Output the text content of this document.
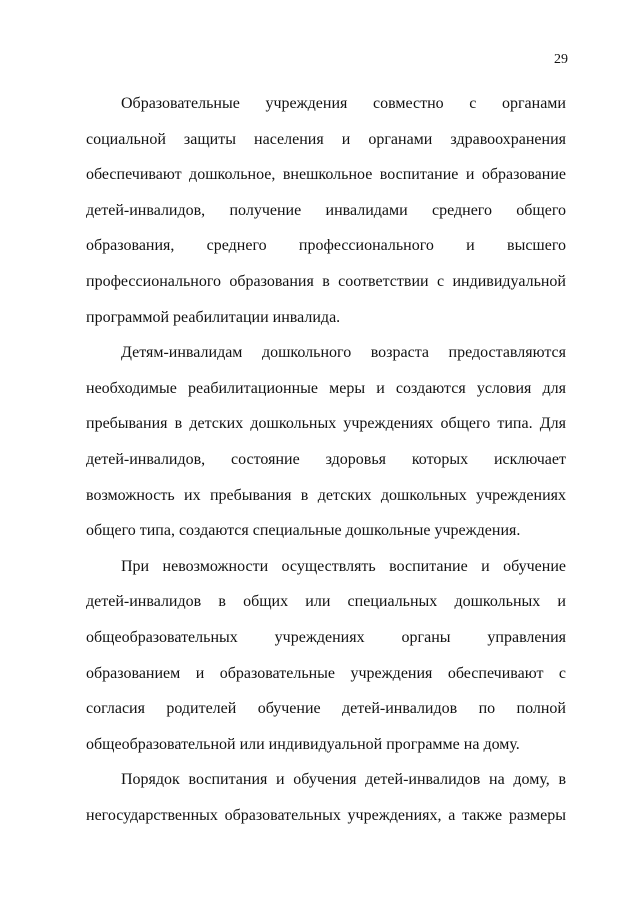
29
Образовательные учреждения совместно с органами
социальной защиты населения и органами здравоохранения
обеспечивают дошкольное, внешкольное воспитание и образование
детей-инвалидов, получение инвалидами среднего общего
образования, среднего профессионального и высшего
профессионального образования в соответствии с индивидуальной
программой реабилитации инвалида.
Детям-инвалидам дошкольного возраста предоставляются
необходимые реабилитационные меры и создаются условия для
пребывания в детских дошкольных учреждениях общего типа. Для
детей-инвалидов, состояние здоровья которых исключает
возможность их пребывания в детских дошкольных учреждениях
общего типа, создаются специальные дошкольные учреждения.
При невозможности осуществлять воспитание и обучение
детей-инвалидов в общих или специальных дошкольных и
общеобразовательных учреждениях органы управления
образованием и образовательные учреждения обеспечивают с
согласия родителей обучение детей-инвалидов по полной
общеобразовательной или индивидуальной программе на дому.
Порядок воспитания и обучения детей-инвалидов на дому, в
негосударственных образовательных учреждениях, а также размеры
